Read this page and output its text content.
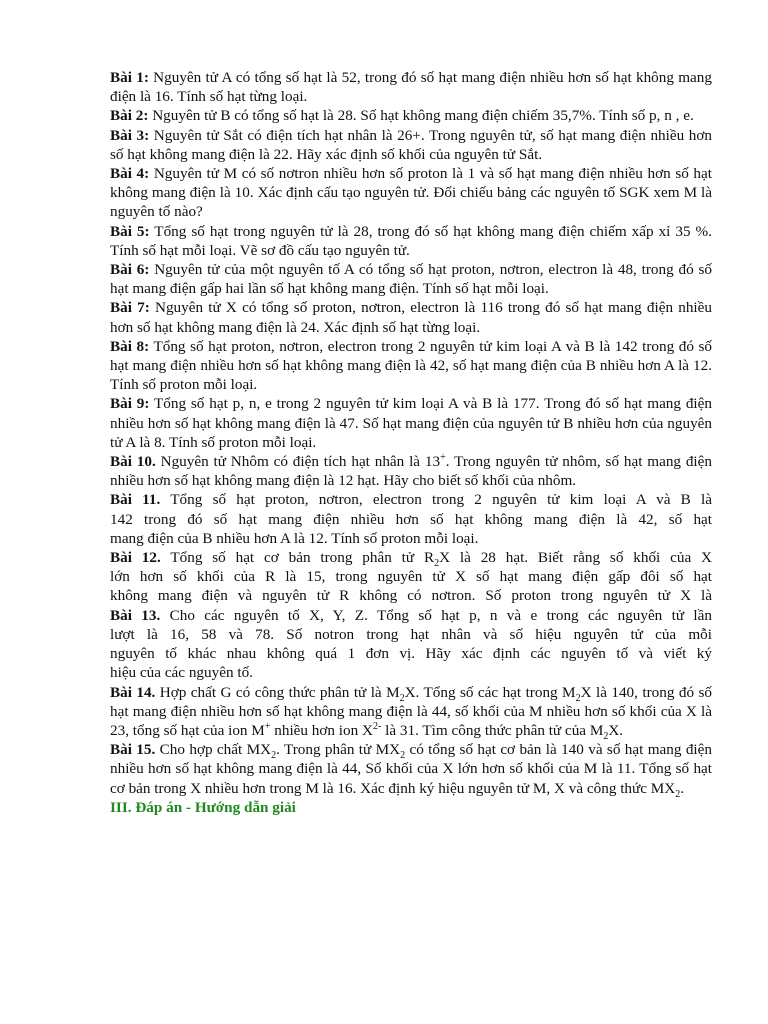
Bài 1: Nguyên tử A có tổng số hạt là 52, trong đó số hạt mang điện nhiều hơn số hạt không mang điện là 16. Tính số hạt từng loại.

Bài 2: Nguyên tử B có tổng số hạt là 28. Số hạt không mang điện chiếm 35,7%. Tính số p, n , e.

Bài 3: Nguyên tử Sắt có điện tích hạt nhân là 26+. Trong nguyên tử, số hạt mang điện nhiều hơn số hạt không mang điện là 22. Hãy xác định số khối của nguyên tử Sắt.

Bài 4: Nguyên tử M có số nơtron nhiều hơn số proton là 1 và số hạt mang điện nhiều hơn số hạt không mang điện là 10. Xác định cấu tạo nguyên tử. Đối chiếu bảng các nguyên tố SGK xem M là nguyên tố nào?

Bài 5: Tổng số hạt trong nguyên tử là 28, trong đó số hạt không mang điện chiếm xấp xỉ 35 %. Tính số hạt mỗi loại. Vẽ sơ đồ cấu tạo nguyên tử.

Bài 6: Nguyên tử của một nguyên tố A có tổng số hạt proton, nơtron, electron là 48, trong đó số hạt mang điện gấp hai lần số hạt không mang điện. Tính số hạt mỗi loại.

Bài 7: Nguyên tử X có tổng số proton, nơtron, electron là 116 trong đó số hạt mang điện nhiều hơn số hạt không mang điện là 24. Xác định số hạt từng loại.

Bài 8: Tổng số hạt proton, nơtron, electron trong 2 nguyên tử kim loại A và B là 142 trong đó số hạt mang điện nhiều hơn số hạt không mang điện là 42, số hạt mang điện của B nhiều hơn A là 12. Tính số proton mỗi loại.

Bài 9: Tổng số hạt p, n, e trong 2 nguyên tử kim loại A và B là 177. Trong đó số hạt mang điện nhiều hơn số hạt không mang điện là 47. Số hạt mang điện của nguyên tử B nhiều hơn của nguyên tử A là 8. Tính số proton mỗi loại.

Bài 10. Nguyên tử Nhôm có điện tích hạt nhân là 13+. Trong nguyên tử nhôm, số hạt mang điện nhiều hơn số hạt không mang điện là 12 hạt. Hãy cho biết số khối của nhôm.

Bài 11. Tổng số hạt proton, nơtron, electron trong 2 nguyên tử kim loại A và B là
142 trong đó số hạt mang điện nhiều hơn số hạt không mang điện là 42, số hạt
mang điện của B nhiều hơn A là 12. Tính số proton mỗi loại.

Bài 12. Tổng số hạt cơ bản trong phân tử $R_2X$ là 28 hạt. Biết rằng số khối của X
lớn hơn số khối của R là 15, trong nguyên tử X số hạt mang điện gấp đôi số hạt
không mang điện và nguyên tử R không có nơtron. Số proton trong nguyên tử X là

Bài 13. Cho các nguyên tố X, Y, Z. Tổng số hạt p, n và e trong các nguyên tử lần
lượt là 16, 58 và 78. Số notron trong hạt nhân và số hiệu nguyên tử của mỗi
nguyên tố khác nhau không quá 1 đơn vị. Hãy xác định các nguyên tố và viết ký
hiệu của các nguyên tố.

Bài 14. Hợp chất G có công thức phân tử là $M_2X$. Tổng số các hạt trong $M_2X$ là 140, trong đó số hạt mang điện nhiều hơn số hạt không mang điện là 44, số khối của M nhiều hơn số khối của X là 23, tổng số hạt của ion M+ nhiều hơn ion $X^{2-}$ là 31. Tìm công thức phân tử của $M_2X$.

Bài 15. Cho hợp chất $MX_2$. Trong phân tử $MX_2$ có tổng số hạt cơ bản là 140 và số hạt mang điện nhiều hơn số hạt không mang điện là 44, Số khối của X lớn hơn số khối của M là 11. Tổng số hạt cơ bản trong X nhiều hơn trong M là 16. Xác định ký hiệu nguyên tử M, X và công thức $MX_2$.

III. Đáp án - Hướng dẫn giải
